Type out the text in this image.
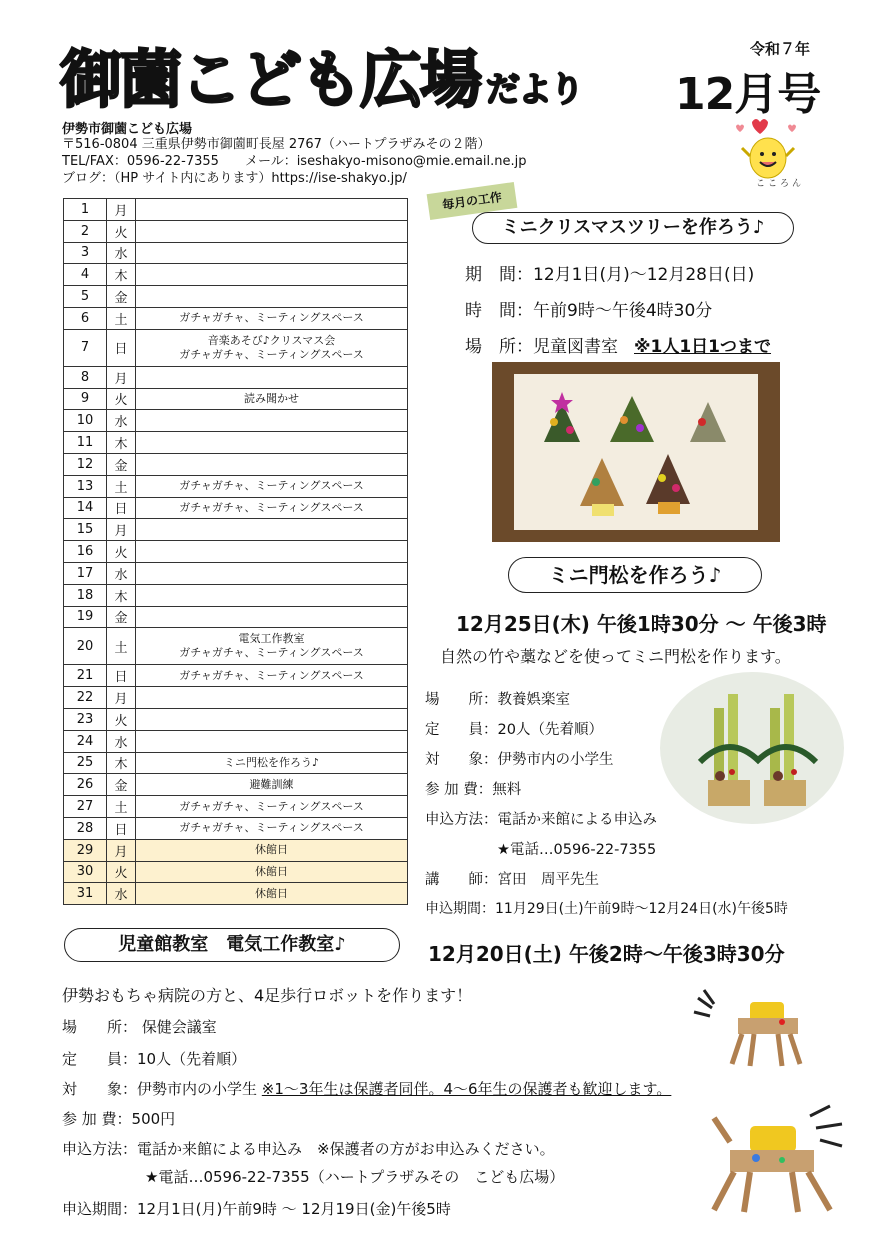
御薗こども広場 だより
令和７年
12月号
こころん
伊勢市御薗こども広場
〒516-0804 三重県伊勢市御薗町長屋 2767（ハートプラザみその２階）
TEL/FAX：0596-22-7355　　メール：iseshakyo-misono@mie.email.ne.jp
ブログ：（HP サイト内にあります）https://ise-shakyo.jp/
1	月	
2	火	
3	水	
4	木	
5	金	
6	土	ガチャガチャ、ミーティングスペース
7	日	音楽あそび♪クリスマス会
ガチャガチャ、ミーティングスペース

8	月	
9	火	読み聞かせ
10	水	
11	木	
12	金	
13	土	ガチャガチャ、ミーティングスペース
14	日	ガチャガチャ、ミーティングスペース
15	月	
16	火	
17	水	
18	木	
19	金	
20	土	電気工作教室
ガチャガチャ、ミーティングスペース

21	日	ガチャガチャ、ミーティングスペース
22	月	
23	火	
24	水	
25	木	ミニ門松を作ろう♪
26	金	避難訓練
27	土	ガチャガチャ、ミーティングスペース
28	日	ガチャガチャ、ミーティングスペース
29	月	休館日
30	火	休館日
31	水	休館日
毎月の工作
ミニクリスマスツリーを作ろう♪
期　間：12月1日(月)～12月28日(日)
時　間：午前9時～午後4時30分
場　所：児童図書室 ※1人1日1つまで
ミニ門松を作ろう♪
12月25日(木) 午後1時30分 ～ 午後3時
自然の竹や藁などを使ってミニ門松を作ります。
場　　所：教養娯楽室
定　　員：20人（先着順）
対　　象：伊勢市内の小学生
参 加 費：無料
申込方法：電話か来館による申込み
★電話…0596-22-7355
講　　師：宮田　周平先生
申込期間：11月29日(土)午前9時～12月24日(水)午後5時
児童館教室　電気工作教室♪	12月20日(土) 午後2時～午後3時30分
伊勢おもちゃ病院の方と、4足歩行ロボットを作ります！
場　　所： 保健会議室
定　　員：10人（先着順）
対　　象：伊勢市内の小学生 ※1～3年生は保護者同伴。4～6年生の保護者も歓迎します。
参 加 費：500円
申込方法：電話か来館による申込み　※保護者の方がお申込みください。
★電話…0596-22-7355（ハートプラザみその　こども広場）
申込期間：12月1日(月)午前9時 ～ 12月19日(金)午後5時
